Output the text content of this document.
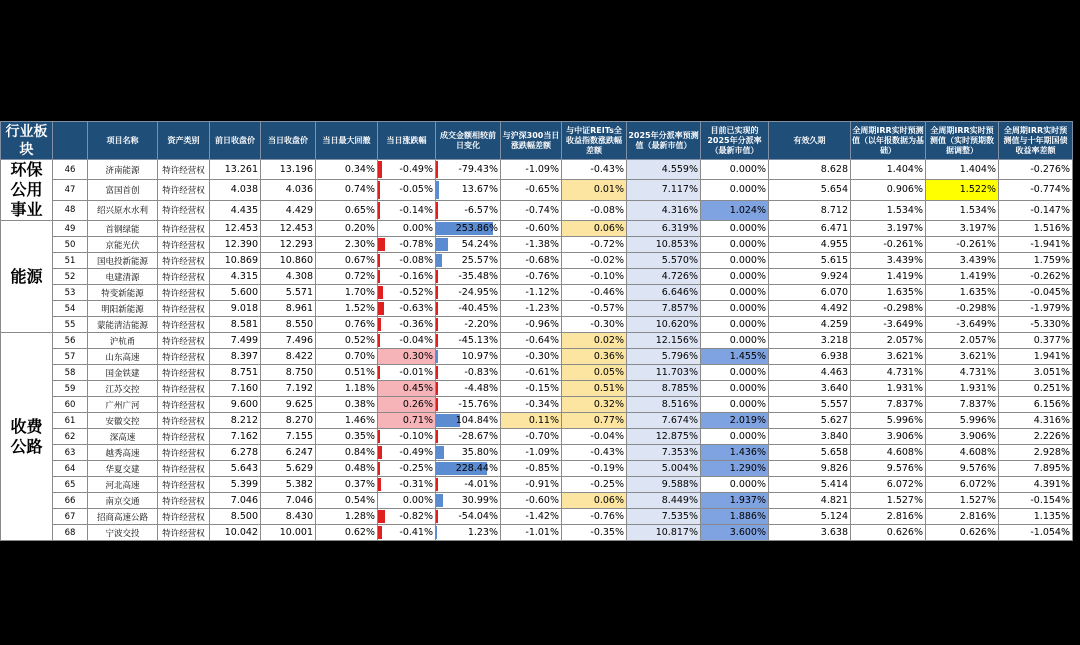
行业板块		项目名称	资产类别	前日收盘价	当日收盘价	当日最大回撤	当日涨跌幅	成交金额相较前日变化	与沪深300当日涨跌幅差额	与中证REITs全收益指数涨跌幅差额	2025年分派率预测值（最新市值）	目前已实现的2025年分派率（最新市值）	有效久期	全周期IRR实时预测值（以年报数据为基础）	全周期IRR实时预测值（实时预期数据调整）	全周期IRR实时预测值与十年期国债收益率差额
环保公用事业	46	济南能源	特许经营权	13.261	13.196	0.34%	-0.49%	-79.43%	-1.09%	-0.43%	4.559%	0.000%	8.628	1.404%	1.404%	-0.276%
	47	富国首创	特许经营权	4.038	4.036	0.74%	-0.05%	13.67%	-0.65%	0.01%	7.117%	0.000%	5.654	0.906%	1.522%	-0.774%
	48	绍兴原水水利	特许经营权	4.435	4.429	0.65%	-0.14%	-6.57%	-0.74%	-0.08%	4.316%	1.024%	8.712	1.534%	1.534%	-0.147%
能源	49	首钢绿能	特许经营权	12.453	12.453	0.20%	0.00%	253.86%	-0.60%	0.06%	6.319%	0.000%	6.471	3.197%	3.197%	1.516%
	50	京能光伏	特许经营权	12.390	12.293	2.30%	-0.78%	54.24%	-1.38%	-0.72%	10.853%	0.000%	4.955	-0.261%	-0.261%	-1.941%
	51	国电投新能源	特许经营权	10.869	10.860	0.67%	-0.08%	25.57%	-0.68%	-0.02%	5.570%	0.000%	5.615	3.439%	3.439%	1.759%
	52	电建清源	特许经营权	4.315	4.308	0.72%	-0.16%	-35.48%	-0.76%	-0.10%	4.726%	0.000%	9.924	1.419%	1.419%	-0.262%
	53	特变新能源	特许经营权	5.600	5.571	1.70%	-0.52%	-24.95%	-1.12%	-0.46%	6.646%	0.000%	6.070	1.635%	1.635%	-0.045%
	54	明阳新能源	特许经营权	9.018	8.961	1.52%	-0.63%	-40.45%	-1.23%	-0.57%	7.857%	0.000%	4.492	-0.298%	-0.298%	-1.979%
	55	蒙能清洁能源	特许经营权	8.581	8.550	0.76%	-0.36%	-2.20%	-0.96%	-0.30%	10.620%	0.000%	4.259	-3.649%	-3.649%	-5.330%
收费公路	56	沪杭甬	特许经营权	7.499	7.496	0.52%	-0.04%	-45.13%	-0.64%	0.02%	12.156%	0.000%	3.218	2.057%	2.057%	0.377%
	57	山东高速	特许经营权	8.397	8.422	0.70%	0.30%	10.97%	-0.30%	0.36%	5.796%	1.455%	6.938	3.621%	3.621%	1.941%
	58	国金铁建	特许经营权	8.751	8.750	0.51%	-0.01%	-0.83%	-0.61%	0.05%	11.703%	0.000%	4.463	4.731%	4.731%	3.051%
	59	江苏交控	特许经营权	7.160	7.192	1.18%	0.45%	-4.48%	-0.15%	0.51%	8.785%	0.000%	3.640	1.931%	1.931%	0.251%
	60	广州广河	特许经营权	9.600	9.625	0.38%	0.26%	-15.76%	-0.34%	0.32%	8.516%	0.000%	5.557	7.837%	7.837%	6.156%
	61	安徽交控	特许经营权	8.212	8.270	1.46%	0.71%	104.84%	0.11%	0.77%	7.674%	2.019%	5.627	5.996%	5.996%	4.316%
	62	深高速	特许经营权	7.162	7.155	0.35%	-0.10%	-28.67%	-0.70%	-0.04%	12.875%	0.000%	3.840	3.906%	3.906%	2.226%
	63	越秀高速	特许经营权	6.278	6.247	0.84%	-0.49%	35.80%	-1.09%	-0.43%	7.353%	1.436%	5.658	4.608%	4.608%	2.928%
	64	华夏交建	特许经营权	5.643	5.629	0.48%	-0.25%	228.44%	-0.85%	-0.19%	5.004%	1.290%	9.826	9.576%	9.576%	7.895%
	65	河北高速	特许经营权	5.399	5.382	0.37%	-0.31%	-4.01%	-0.91%	-0.25%	9.588%	0.000%	5.414	6.072%	6.072%	4.391%
	66	南京交通	特许经营权	7.046	7.046	0.54%	0.00%	30.99%	-0.60%	0.06%	8.449%	1.937%	4.821	1.527%	1.527%	-0.154%
	67	招商高速公路	特许经营权	8.500	8.430	1.28%	-0.82%	-54.04%	-1.42%	-0.76%	7.535%	1.886%	5.124	2.816%	2.816%	1.135%
	68	宁波交投	特许经营权	10.042	10.001	0.62%	-0.41%	1.23%	-1.01%	-0.35%	10.817%	3.600%	3.638	0.626%	0.626%	-1.054%
